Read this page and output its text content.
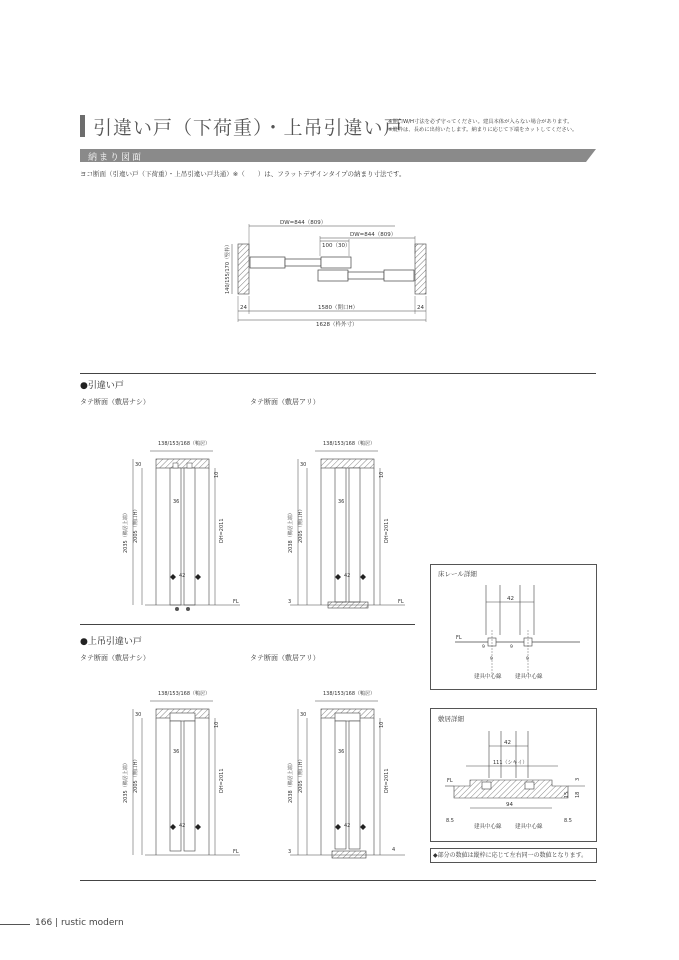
引違い戸（下荷重）・上吊引違い戸
※開口W/H寸法を必ず守ってください。建具本体が入らない場合があります。
※縦枠は、長めに出荷いたします。納まりに応じて下端をカットしてください。
納まり図面
ヨコ断面（引違い戸（下荷重）・上吊引違い戸共通）※（　　）は、フラットデザインタイプの納まり寸法です。
DW=844（809）
DW=844（809）
100（30）
140/155/170（竪枠）
1580（開口H）
1628（枠外寸）
24	24
●引違い戸
タテ断面（敷居ナシ）	タテ断面（敷居アリ）
138/153/168（鴨居）
30
10
36
42
2035（鴨居上端） 2005（開口H）	DH=2011
FL
138/153/168（鴨居）
30
10
36
42
3
2038（鴨居上端） 2005（開口H）	DH=2011
FL
床レール詳細
42
9	9
9	9
FL
建具中心線 建具中心線
●上吊引違い戸
タテ断面（敷居ナシ）	タテ断面（敷居アリ）
138/153/168（鴨居）
30
10
36
42
2035（鴨居上端） 2005（開口H）	DH=2011
FL
138/153/168（鴨居）
30
10
36
42
3	4
2038（鴨居上端） 2005（開口H）	DH=2011
敷居詳細
42
111（シキイ）
94
8.5	8.5
15 18
3
FL
建具中心線 建具中心線
◆部分の数値は縦枠に応じて左右同一の数値となります。
166 | rustic modern
